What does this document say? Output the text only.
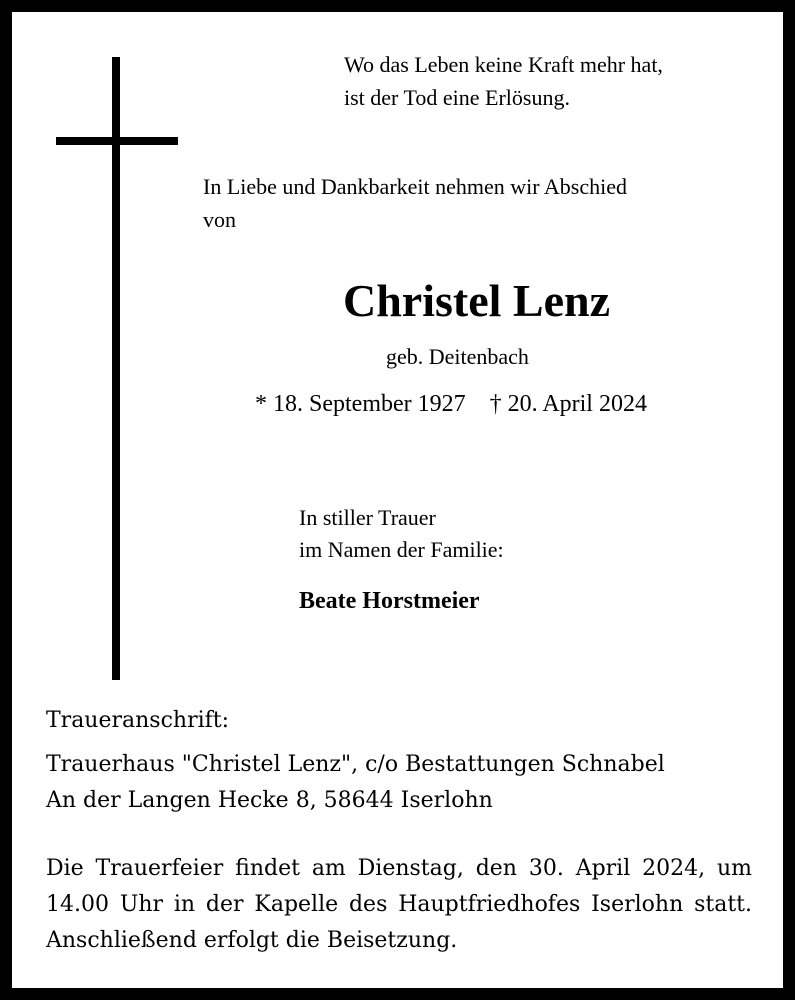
Wo das Leben keine Kraft mehr hat,
ist der Tod eine Erlösung.
In Liebe und Dankbarkeit nehmen wir Abschied
von
Christel Lenz
geb. Deitenbach
* 18. September 1927 † 20. April 2024
In stiller Trauer
im Namen der Familie:
Beate Horstmeier
Traueranschrift:
Trauerhaus "Christel Lenz", c/o Bestattungen Schnabel
An der Langen Hecke 8, 58644 Iserlohn
Die Trauerfeier findet am Dienstag, den 30. April 2024, um
14.00 Uhr in der Kapelle des Hauptfriedhofes Iserlohn statt.
Anschließend erfolgt die Beisetzung.
